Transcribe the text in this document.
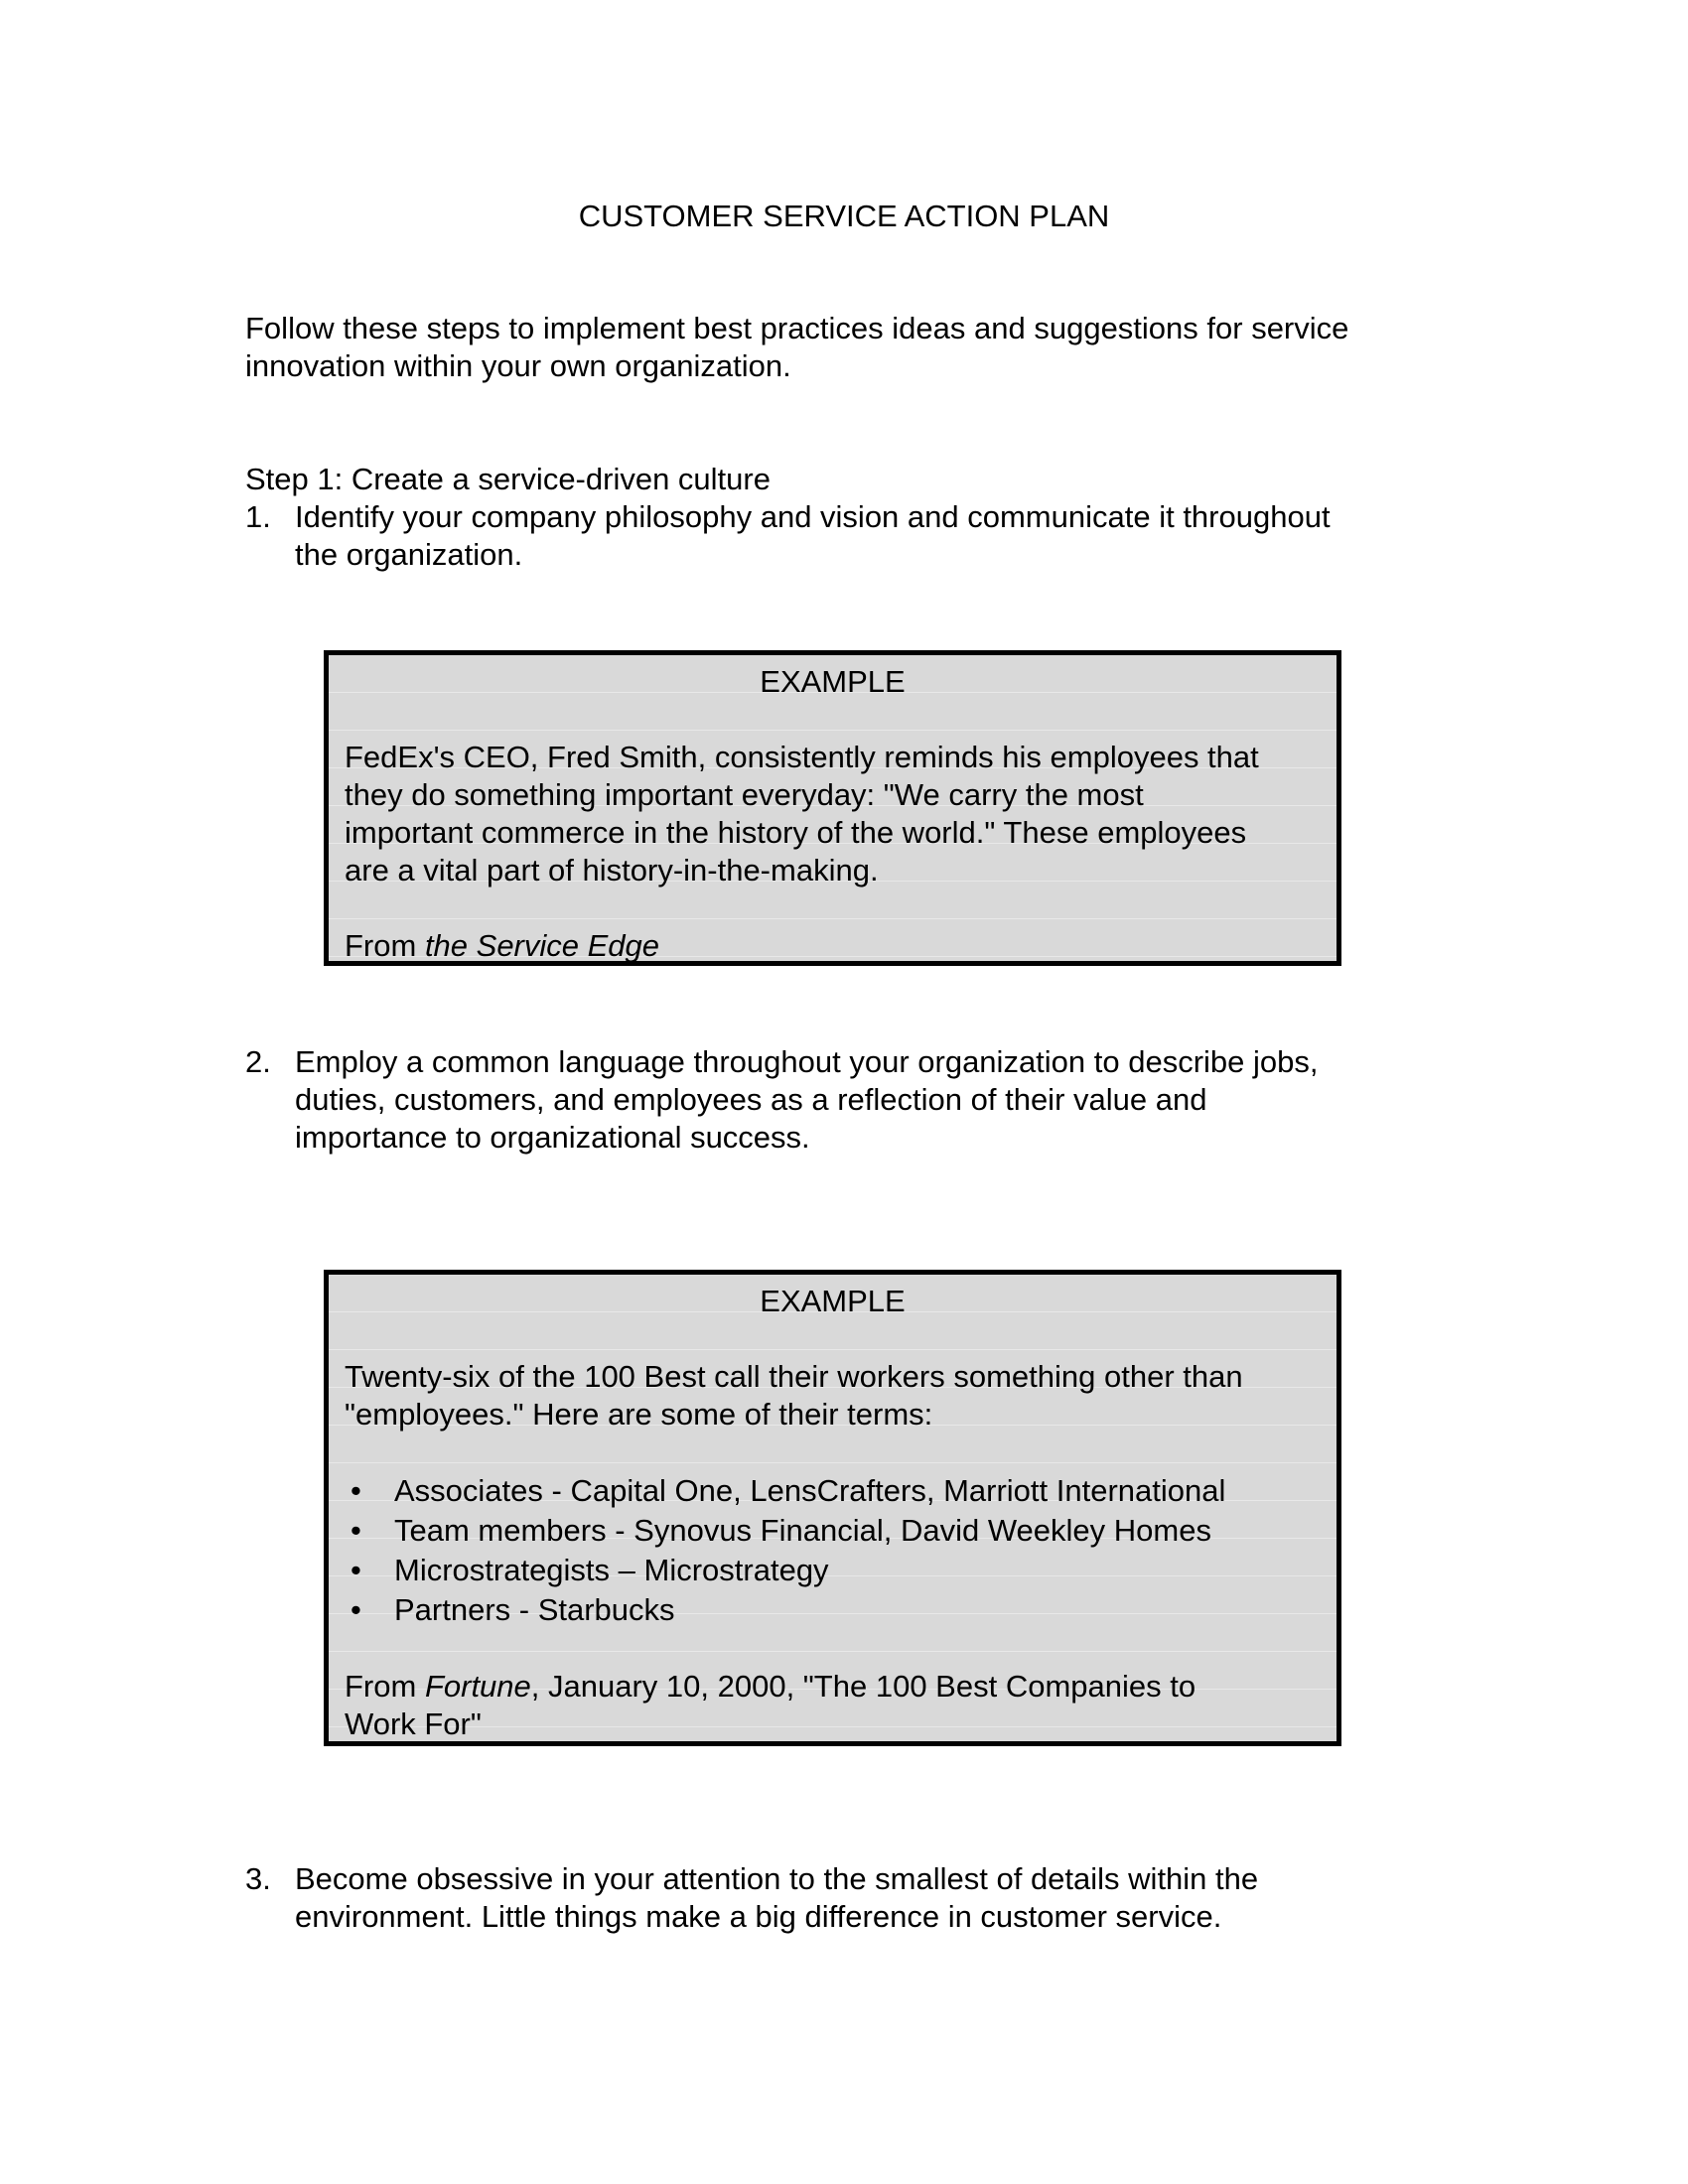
CUSTOMER SERVICE ACTION PLAN
Follow these steps to implement best practices ideas and suggestions for service
innovation within your own organization.
Step 1: Create a service-driven culture
1. Identify your company philosophy and vision and communicate it throughout
the organization.
EXAMPLE
FedEx's CEO, Fred Smith, consistently reminds his employees that
they do something important everyday: "We carry the most
important commerce in the history of the world." These employees
are a vital part of history-in-the-making.
From the Service Edge
2. Employ a common language throughout your organization to describe jobs,
duties, customers, and employees as a reflection of their value and
importance to organizational success.
EXAMPLE
Twenty-six of the 100 Best call their workers something other than
"employees." Here are some of their terms:
• Associates - Capital One, LensCrafters, Marriott International
• Team members - Synovus Financial, David Weekley Homes
• Microstrategists – Microstrategy
• Partners - Starbucks
From Fortune, January 10, 2000, "The 100 Best Companies to
Work For"
3. Become obsessive in your attention to the smallest of details within the
environment. Little things make a big difference in customer service.
